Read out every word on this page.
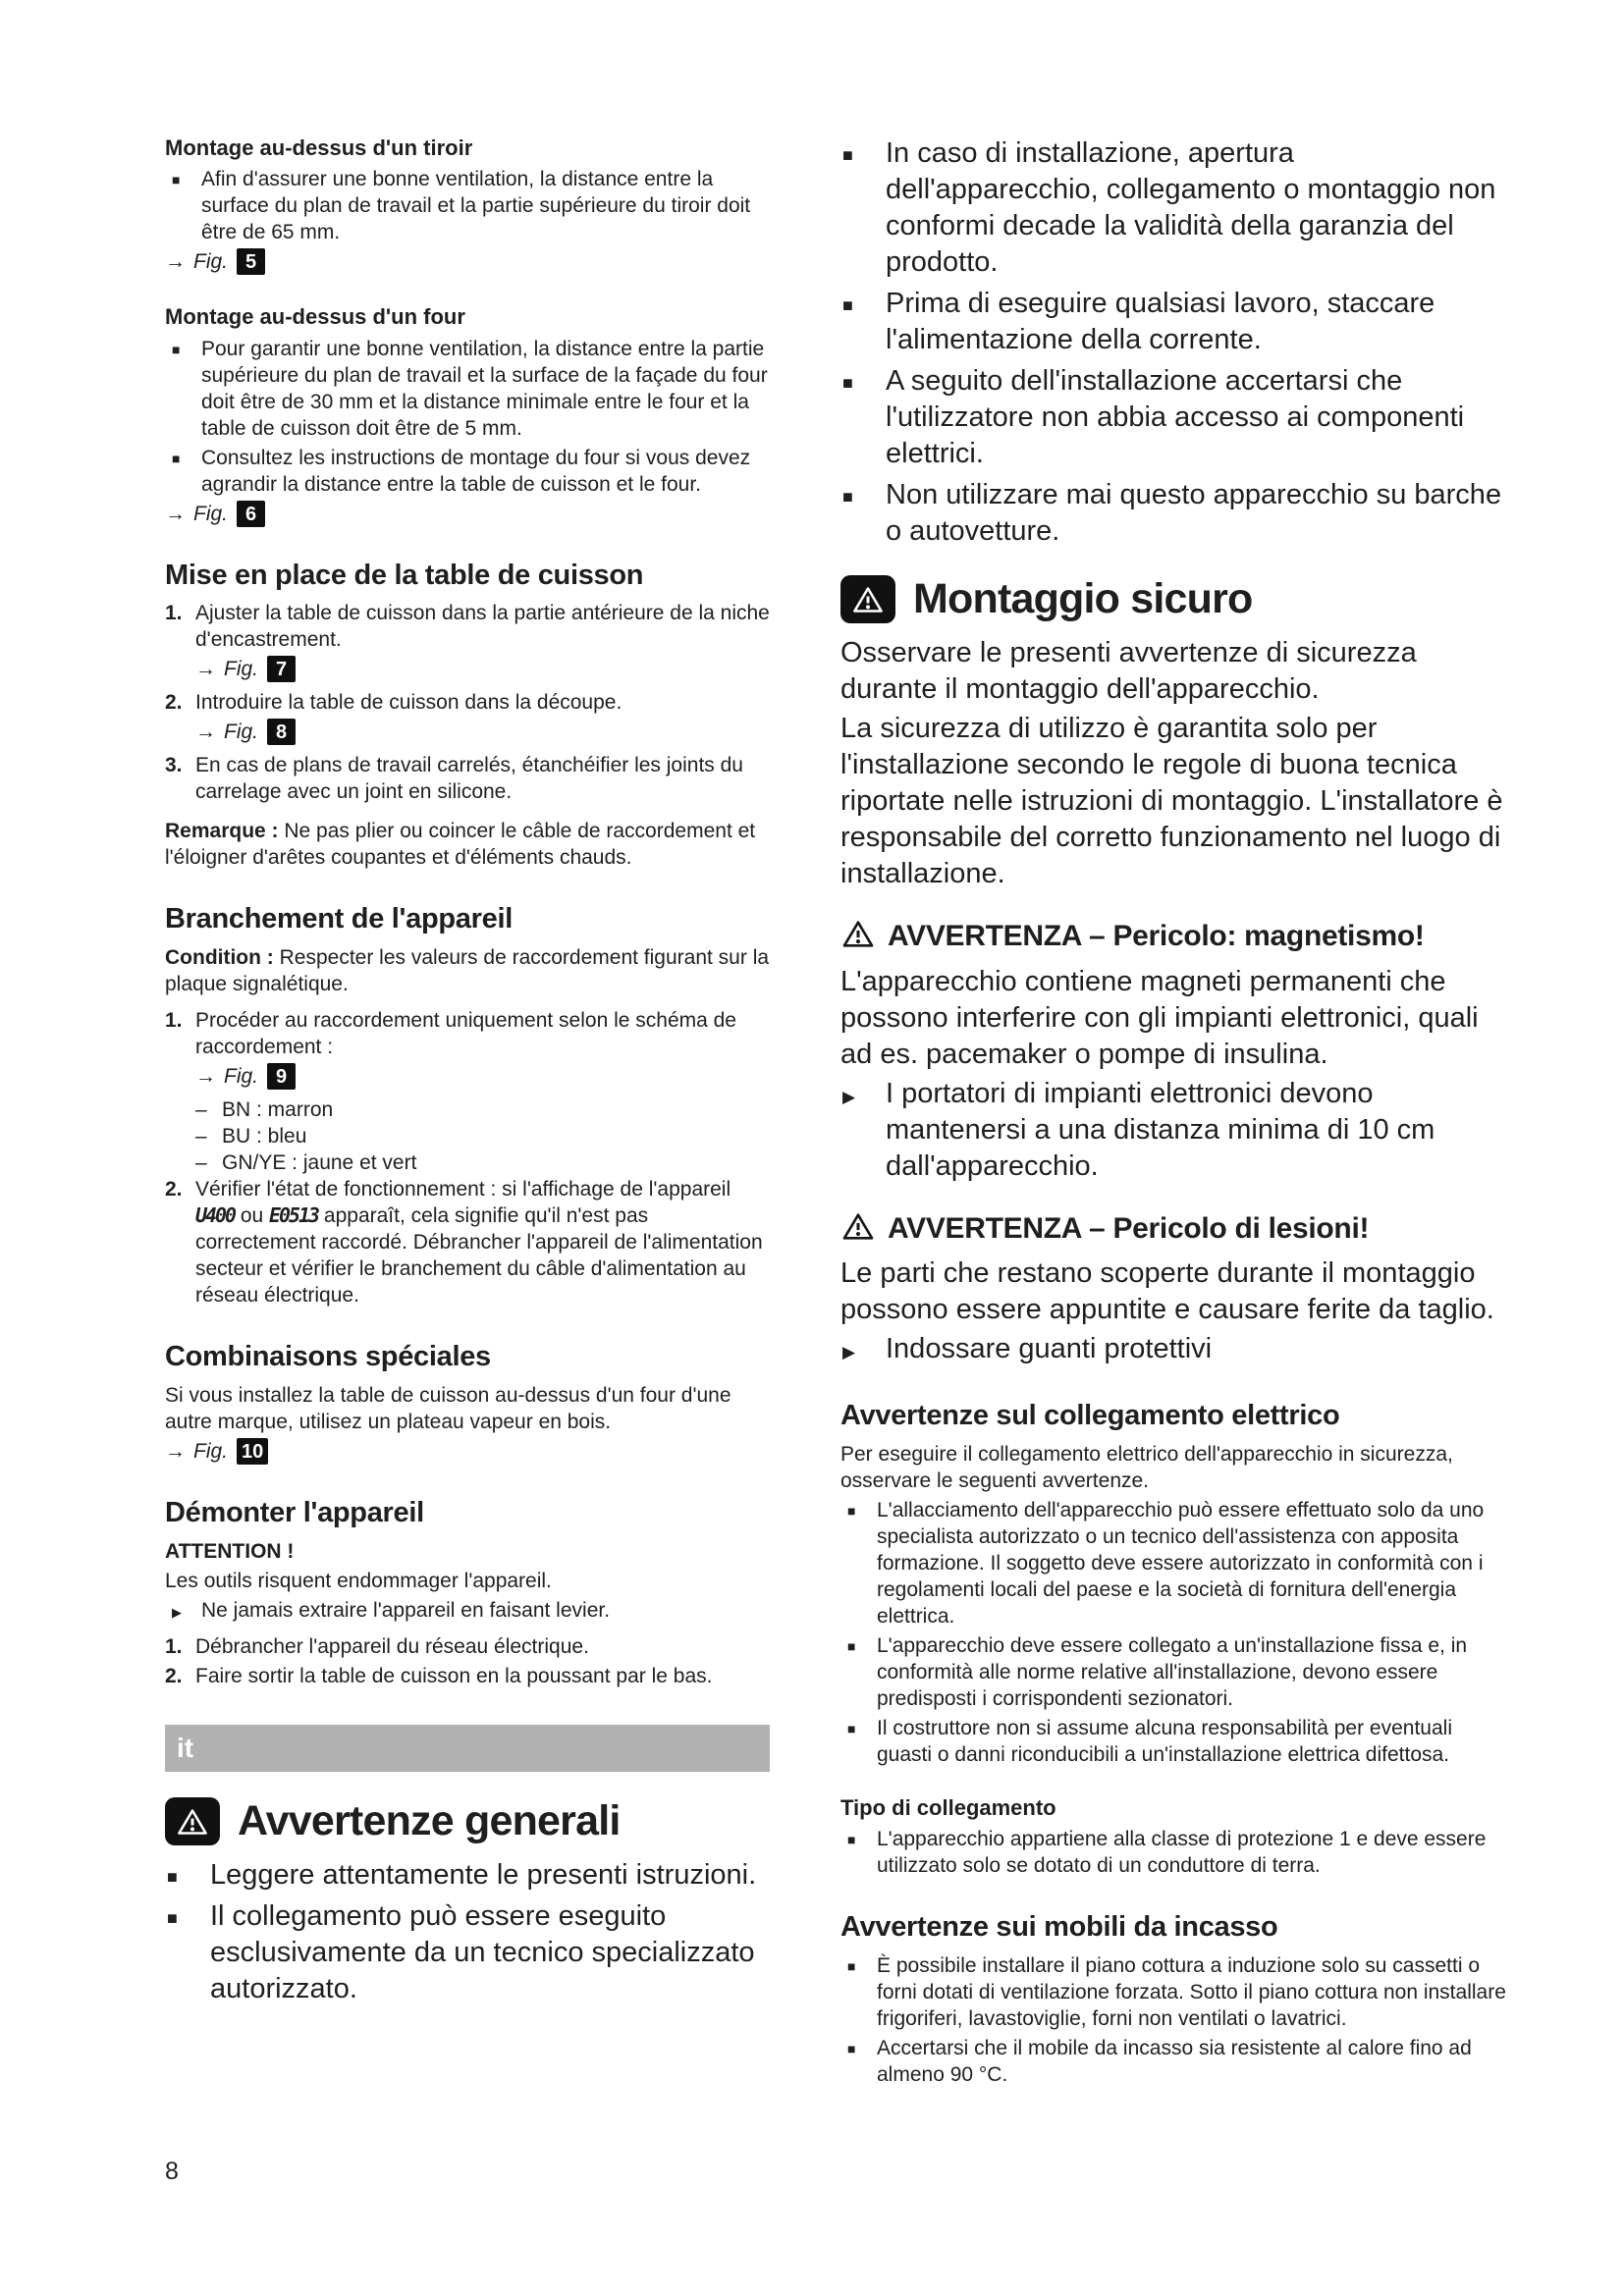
Montage au-dessus d'un tiroir
■ Afin d'assurer une bonne ventilation, la distance entre la surface du plan de travail et la partie supérieure du tiroir doit être de 65 mm.
→ Fig. 5
Montage au-dessus d'un four
■ Pour garantir une bonne ventilation, la distance entre la partie supérieure du plan de travail et la surface de la façade du four doit être de 30 mm et la distance minimale entre le four et la table de cuisson doit être de 5 mm.
■ Consultez les instructions de montage du four si vous devez agrandir la distance entre la table de cuisson et le four.
→ Fig. 6
Mise en place de la table de cuisson
1. Ajuster la table de cuisson dans la partie antérieure de la niche d'encastrement.
→ Fig. 7
2. Introduire la table de cuisson dans la découpe.
→ Fig. 8
3. En cas de plans de travail carrelés, étanchéifier les joints du carrelage avec un joint en silicone.

Remarque : Ne pas plier ou coincer le câble de raccordement et l'éloigner d'arêtes coupantes et d'éléments chauds.

Branchement de l'appareil

Condition : Respecter les valeurs de raccordement figurant sur la plaque signalétique.

1. Procéder au raccordement uniquement selon le schéma de raccordement :
→ Fig. 9
– BN : marron
– BU : bleu
– GN/YE : jaune et vert
2. Vérifier l'état de fonctionnement : si l'affichage de l'appareil U400 ou E0513 apparaît, cela signifie qu'il n'est pas correctement raccordé. Débrancher l'appareil de l'alimentation secteur et vérifier le branchement du câble d'alimentation au réseau électrique.
Combinaisons spéciales

Si vous installez la table de cuisson au-dessus d'un four d'une autre marque, utilisez un plateau vapeur en bois.

→ Fig. 10
Démonter l'appareil

ATTENTION !

Les outils risquent endommager l'appareil.

▶ Ne jamais extraire l'appareil en faisant levier.
1. Débrancher l'appareil du réseau électrique.
2. Faire sortir la table de cuisson en la poussant par le bas.
it
Avvertenze generali
■ Leggere attentamente le presenti istruzioni.
■ Il collegamento può essere eseguito esclusivamente da un tecnico specializzato autorizzato.
■ In caso di installazione, apertura dell'apparecchio, collegamento o montaggio non conformi decade la validità della garanzia del prodotto.
■ Prima di eseguire qualsiasi lavoro, staccare l'alimentazione della corrente.
■ A seguito dell'installazione accertarsi che l'utilizzatore non abbia accesso ai componenti elettrici.
■ Non utilizzare mai questo apparecchio su barche o autovetture.
Montaggio sicuro

Osservare le presenti avvertenze di sicurezza durante il montaggio dell'apparecchio.

La sicurezza di utilizzo è garantita solo per l'installazione secondo le regole di buona tecnica riportate nelle istruzioni di montaggio. L'installatore è responsabile del corretto funzionamento nel luogo di installazione.

AVVERTENZA – Pericolo: magnetismo!

L'apparecchio contiene magneti permanenti che possono interferire con gli impianti elettronici, quali ad es. pacemaker o pompe di insulina.

▶ I portatori di impianti elettronici devono mantenersi a una distanza minima di 10 cm dall'apparecchio.
AVVERTENZA – Pericolo di lesioni!

Le parti che restano scoperte durante il montaggio possono essere appuntite e causare ferite da taglio.

▶ Indossare guanti protettivi
Avvertenze sul collegamento elettrico

Per eseguire il collegamento elettrico dell'apparecchio in sicurezza, osservare le seguenti avvertenze.

■ L'allacciamento dell'apparecchio può essere effettuato solo da uno specialista autorizzato o un tecnico dell'assistenza con apposita formazione. Il soggetto deve essere autorizzato in conformità con i regolamenti locali del paese e la società di fornitura dell'energia elettrica.
■ L'apparecchio deve essere collegato a un'installazione fissa e, in conformità alle norme relative all'installazione, devono essere predisposti i corrispondenti sezionatori.
■ Il costruttore non si assume alcuna responsabilità per eventuali guasti o danni riconducibili a un'installazione elettrica difettosa.
Tipo di collegamento
■ L'apparecchio appartiene alla classe di protezione 1 e deve essere utilizzato solo se dotato di un conduttore di terra.
Avvertenze sui mobili da incasso
■ È possibile installare il piano cottura a induzione solo su cassetti o forni dotati di ventilazione forzata. Sotto il piano cottura non installare frigoriferi, lavastoviglie, forni non ventilati o lavatrici.
■ Accertarsi che il mobile da incasso sia resistente al calore fino ad almeno 90 °C.
8
